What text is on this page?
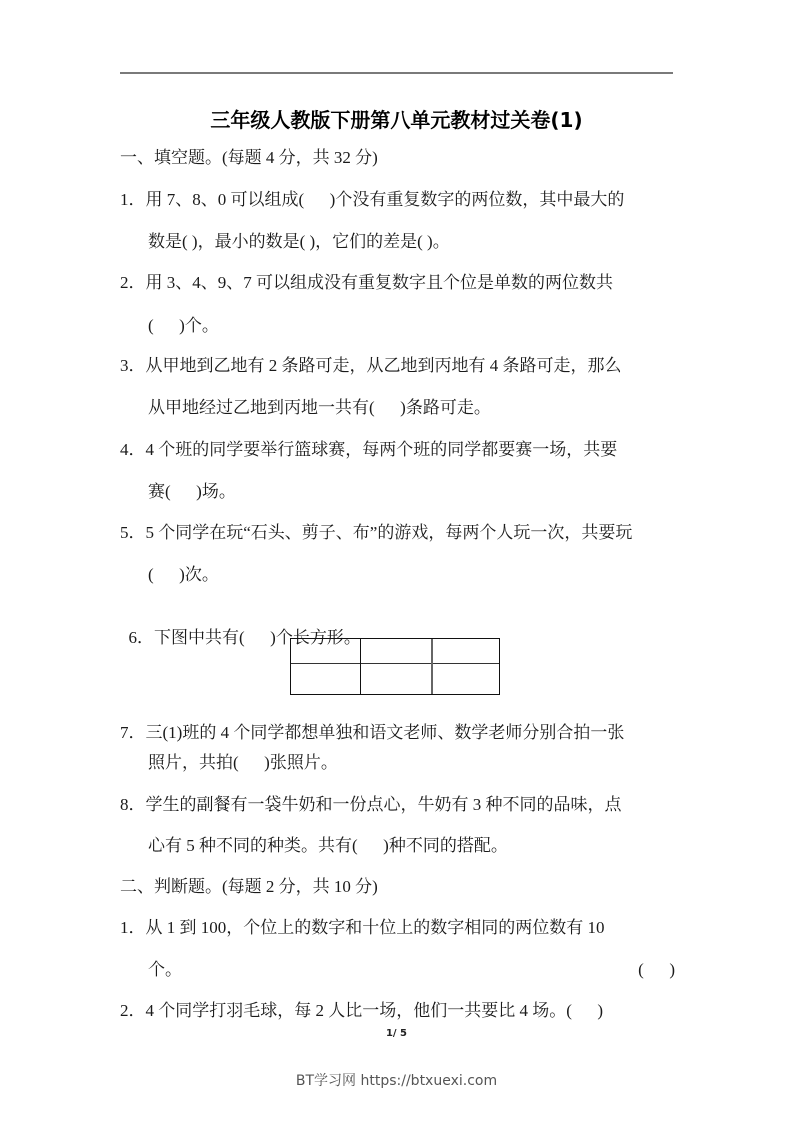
三年级人教版下册第八单元教材过关卷(1)
一、填空题。(每题 4 分，共 32 分)
1．用 7、8、0 可以组成(      )个没有重复数字的两位数，其中最大的
数是( )，最小的数是( )，它们的差是( )。
2．用 3、4、9、7 可以组成没有重复数字且个位是单数的两位数共
(      )个。
3．从甲地到乙地有 2 条路可走，从乙地到丙地有 4 条路可走，那么
从甲地经过乙地到丙地一共有(      )条路可走。
4．4 个班的同学要举行篮球赛，每两个班的同学都要赛一场，共要
赛(      )场。
5．5 个同学在玩“石头、剪子、布”的游戏，每两个人玩一次，共要玩
(      )次。

6．下图中共有(      )个长方形。

7．三(1)班的 4 个同学都想单独和语文老师、数学老师分别合拍一张
照片，共拍(      )张照片。
8．学生的副餐有一袋牛奶和一份点心，牛奶有 3 种不同的品味，点
心有 5 种不同的种类。共有(      )种不同的搭配。
二、判断题。(每题 2 分，共 10 分)
1．从 1 到 100，个位上的数字和十位上的数字相同的两位数有 10
个。	(      )
2．4 个同学打羽毛球，每 2 人比一场，他们一共要比 4 场。(      )
1/ 5
BT学习网 https://btxuexi.com
